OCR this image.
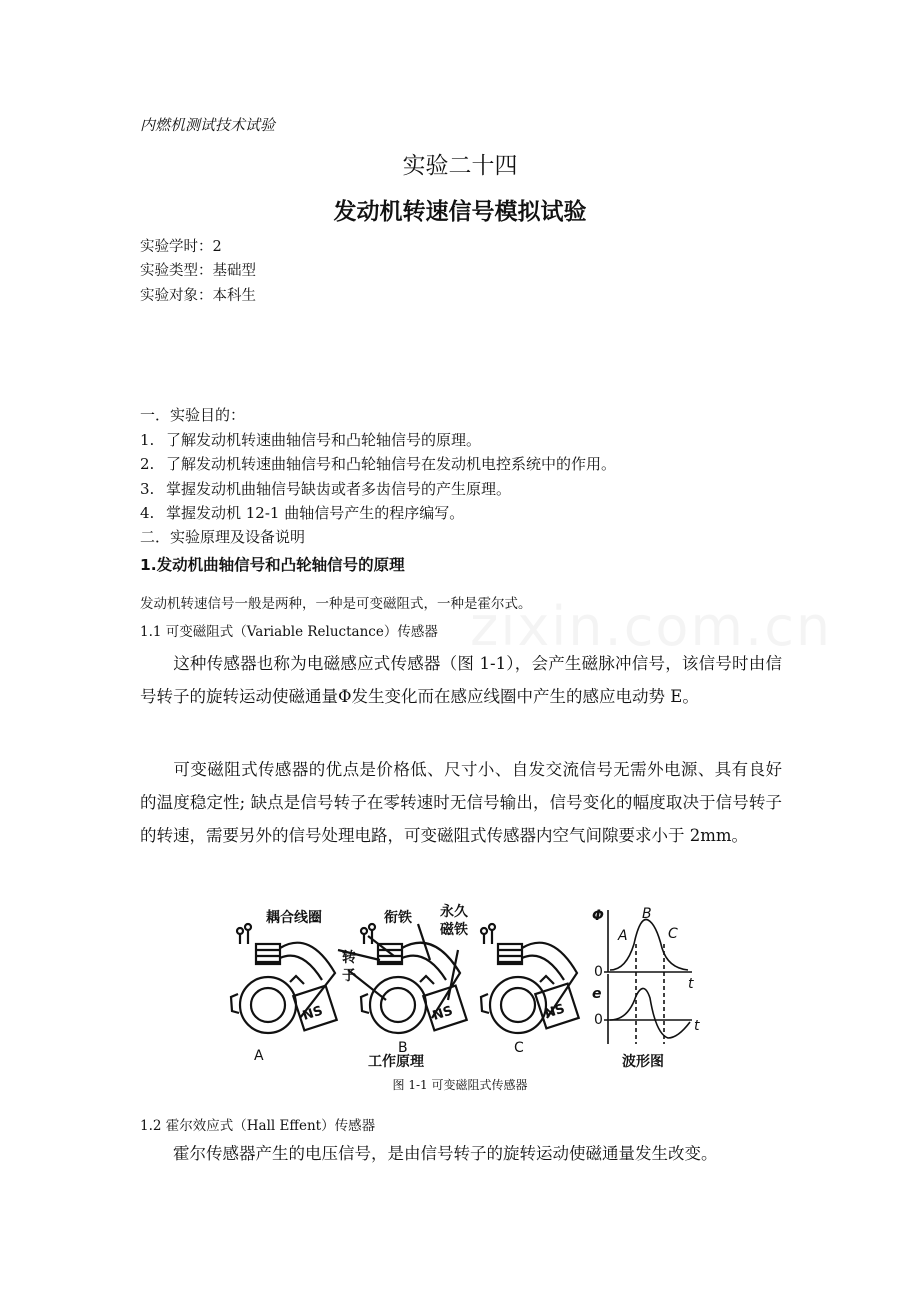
内燃机测试技术试验
实验二十四
发动机转速信号模拟试验
实验学时：2
实验类型：基础型
实验对象：本科生
一．实验目的：
1. 了解发动机转速曲轴信号和凸轮轴信号的原理。
2. 了解发动机转速曲轴信号和凸轮轴信号在发动机电控系统中的作用。
3. 掌握发动机曲轴信号缺齿或者多齿信号的产生原理。
4. 掌握发动机 12-1 曲轴信号产生的程序编写。
二．实验原理及设备说明
1.发动机曲轴信号和凸轮轴信号的原理
发动机转速信号一般是两种，一种是可变磁阻式，一种是霍尔式。
1.1 可变磁阻式（Variable Reluctance）传感器
这种传感器也称为电磁感应式传感器（图 1-1），会产生磁脉冲信号，该信号时由信号转子的旋转运动使磁通量Φ发生变化而在感应线圈中产生的感应电动势 E。
可变磁阻式传感器的优点是价格低、尺寸小、自发交流信号无需外电源、具有良好的温度稳定性; 缺点是信号转子在零转速时无信号输出，信号变化的幅度取决于信号转子的转速，需要另外的信号处理电路，可变磁阻式传感器内空气间隙要求小于 2mm。
耦合线圈	衔铁 永久
磁铁
转
子
NS	NS	NS
A	B	C
工作原理	波形图
Φ
e
0
0
t
t
A
B
C
图 1-1 可变磁阻式传感器
1.2 霍尔效应式（Hall Effent）传感器
霍尔传感器产生的电压信号，是由信号转子的旋转运动使磁通量发生改变。
